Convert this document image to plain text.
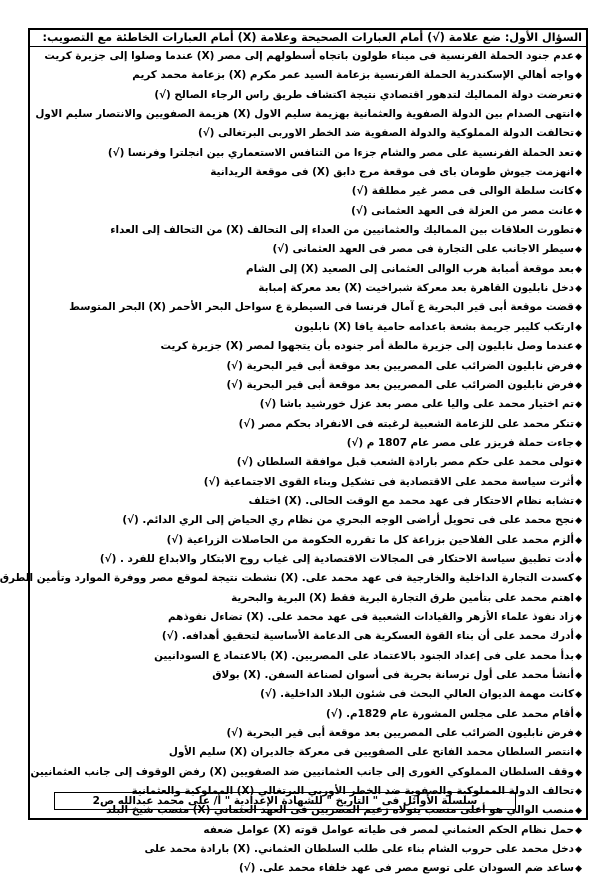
السؤال الأول: ضع علامة (√) أمام العبارات الصحيحة وعلامة (X) أمام العبارات الخاطئة مع التصويب:
◆عدم جنود الحملة الفرنسية فى ميناء طولون باتجاه أسطولهم إلى مصر (X) عندما وصلوا إلى جزيرة كريت
◆واجه أهالي الإسكندرية الحملة الفرنسية بزعامة السيد عمر مكرم (X) بزعامة محمد كريم
◆تعرضت دولة المماليك لتدهور اقتصادي نتيجة اكتشاف طريق راس الرجاء الصالح (√)
◆انتهى الصدام بين الدولة الصفوية والعثمانية بهزيمة سليم الاول (X) هزيمة الصفويين والانتصار سليم الاول
◆تحالفت الدولة المملوكية والدولة الصفوية ضد الخطر الاوربى البرتغالى (√)
◆تعد الحملة الفرنسية على مصر والشام جزءا من التنافس الاستعماري بين انجلترا وفرنسا (√)
◆انهزمت جيوش طومان باى فى موقعة مرج دابق (X) فى موقعة الريدانية
◆كانت سلطة الوالى فى مصر غير مطلقة (√)
◆عانت مصر من العزلة فى العهد العثمانى (√)
◆تطورت العلاقات بين المماليك والعثمانيين من العداء إلى التحالف (X) من التحالف إلى العداء
◆سيطر الاجانب على التجارة فى مصر فى العهد العثمانى (√)
◆بعد موقعة أمبابة هرب الوالى العثمانى إلى الصعيد (X) إلى الشام
◆دخل نابليون القاهرة بعد معركة شبراخيت (X) بعد معركة إمبابة
◆قضت موقعة أبى قير البحرية ع آمال فرنسا فى السيطرة ع سواحل البحر الأحمر (X) البحر المتوسط
◆ارتكب كليبر جريمة بشعة باعدامه حامية يافا (X) نابليون
◆عندما وصل نابليون إلى جزيرة مالطة أمر جنوده بأن يتجهوا لمصر (X) جزيرة كريت
◆فرض نابليون الضرائب على المصريين بعد موقعة أبى قير البحرية (√)
◆فرض نابليون الضرائب على المصريين بعد موقعة أبى قير البحرية (√)
◆تم اختيار محمد على واليا على مصر بعد عزل خورشيد باشا (√)
◆تنكر محمد على للزعامة الشعبية لرغبته فى الانفراد بحكم مصر (√)
◆جاءت حملة فريزر على مصر عام 1807 م (√)
◆تولى محمد على حكم مصر بارادة الشعب قبل موافقة السلطان (√)
◆أثرت سياسة محمد على الاقتصادية فى تشكيل وبناء القوى الاجتماعية (√)
◆تشابه نظام الاحتكار فى عهد محمد مع الوقت الحالى. (X) اختلف
◆نجح محمد على فى تحويل أراضى الوجه البحري من نظام ري الحياض إلى الري الدائم. (√)
◆ألزم محمد على الفلاحين بزراعة كل ما تقرره الحكومة من الحاصلات الزراعية (√)
◆أدت تطبيق سياسة الاحتكار فى المجالات الاقتصادية إلى غياب روح الابتكار والابداع للفرد . (√)
◆كسدت التجارة الداخلية والخارجية فى عهد محمد على. (X) نشطت نتيجة لموقع مصر ووفرة الموارد وتأمين الطرق
◆اهتم محمد على بتأمين طرق التجارة البرية فقط (X) البرية والبحرية
◆زاد نفوذ علماء الأزهر والقيادات الشعبية فى عهد محمد على. (X) تضاءل نفوذهم
◆أدرك محمد على أن بناء القوة العسكرية هى الدعامة الأساسية لتحقيق أهدافه. (√)
◆بدأ محمد على فى إعداد الجنود بالاعتماد على المصريين. (X) بالاعتماد ع السودانيين
◆أنشأ محمد على أول ترسانة بحرية فى أسوان لصناعة السفن. (X) بولاق
◆كانت مهمة الديوان العالي البحث فى شئون البلاد الداخلية. (√)
◆أقام محمد على مجلس المشورة عام 1829م. (√)
◆فرض نابليون الضرائب على المصريين بعد موقعة أبى قير البحرية (√)
◆انتصر السلطان محمد الفاتح على الصفويين فى معركة جالديران (X) سليم الأول
◆وقف السلطان المملوكي الغورى إلى جانب العثمانيين ضد الصفويين (X) رفض الوقوف إلى جانب العثمانيين
◆تحالف الدولة المملوكية والصفوية ضد الخطر الأوربي البرتغالي (X) المملوكية والعثمانية
◆منصب الوالي هو أعلى منصب يتولاه زعيم المصريين فى العهد العثماني (X) منصب شيخ البلد
◆حمل نظام الحكم العثماني لمصر فى طياته عوامل قوته (X) عوامل ضعفه
◆دخل محمد على حروب الشام بناء على طلب السلطان العثماني. (X) بارادة محمد على
◆ساعد ضم السودان على توسع مصر فى عهد خلفاء محمد على. (√)
سلسلة الأوائل فى " التاريخ " للشهادة الإعدادية " أ/ على محمد عبدالله ص2
